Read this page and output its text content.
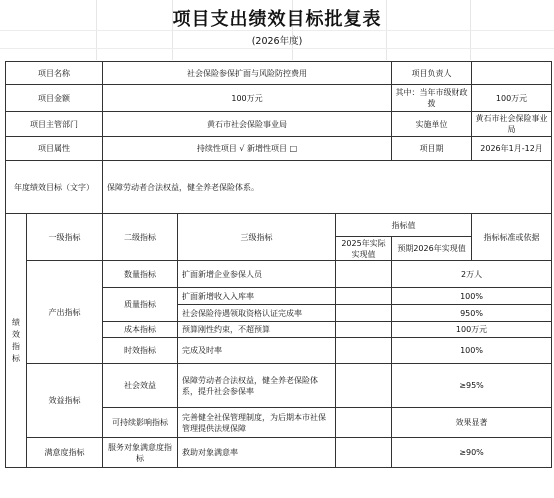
项目支出绩效目标批复表
(2026年度)
项目名称		社会保险参保扩面与风险防控费用			项目负责人	
项目金额		100万元			其中：当年市级财政拨	100万元
项目主管部门		黄石市社会保险事业局			实施单位	黄石市社会保险事业局
项目属性		持续性项目 √ 新增性项目 □			项目期	2026年1月-12月
年度绩效目标（文字）		保障劳动者合法权益，健全养老保险体系。				
绩效指标	一级指标	二级指标	三级指标	指标值		指标标准或依据
				2025年实际实现值	预期2026年实现值	
	产出指标	数量指标	扩面新增企业参保人员		2万人	
		质量指标	扩面新增收入入库率		100%	
			社会保险待遇领取资格认证完成率		950%	
		成本指标	预算刚性约束，不超预算		100万元	
		时效指标	完成及时率		100%	
	效益指标	社会效益	保障劳动者合法权益，健全养老保险体系，提升社会参保率		≥95%	
		可持续影响指标	完善健全社保管理制度，为后期本市社保管理提供法规保障		效果显著	
	满意度指标	服务对象满意度指标	救助对象满意率		≥90%	
